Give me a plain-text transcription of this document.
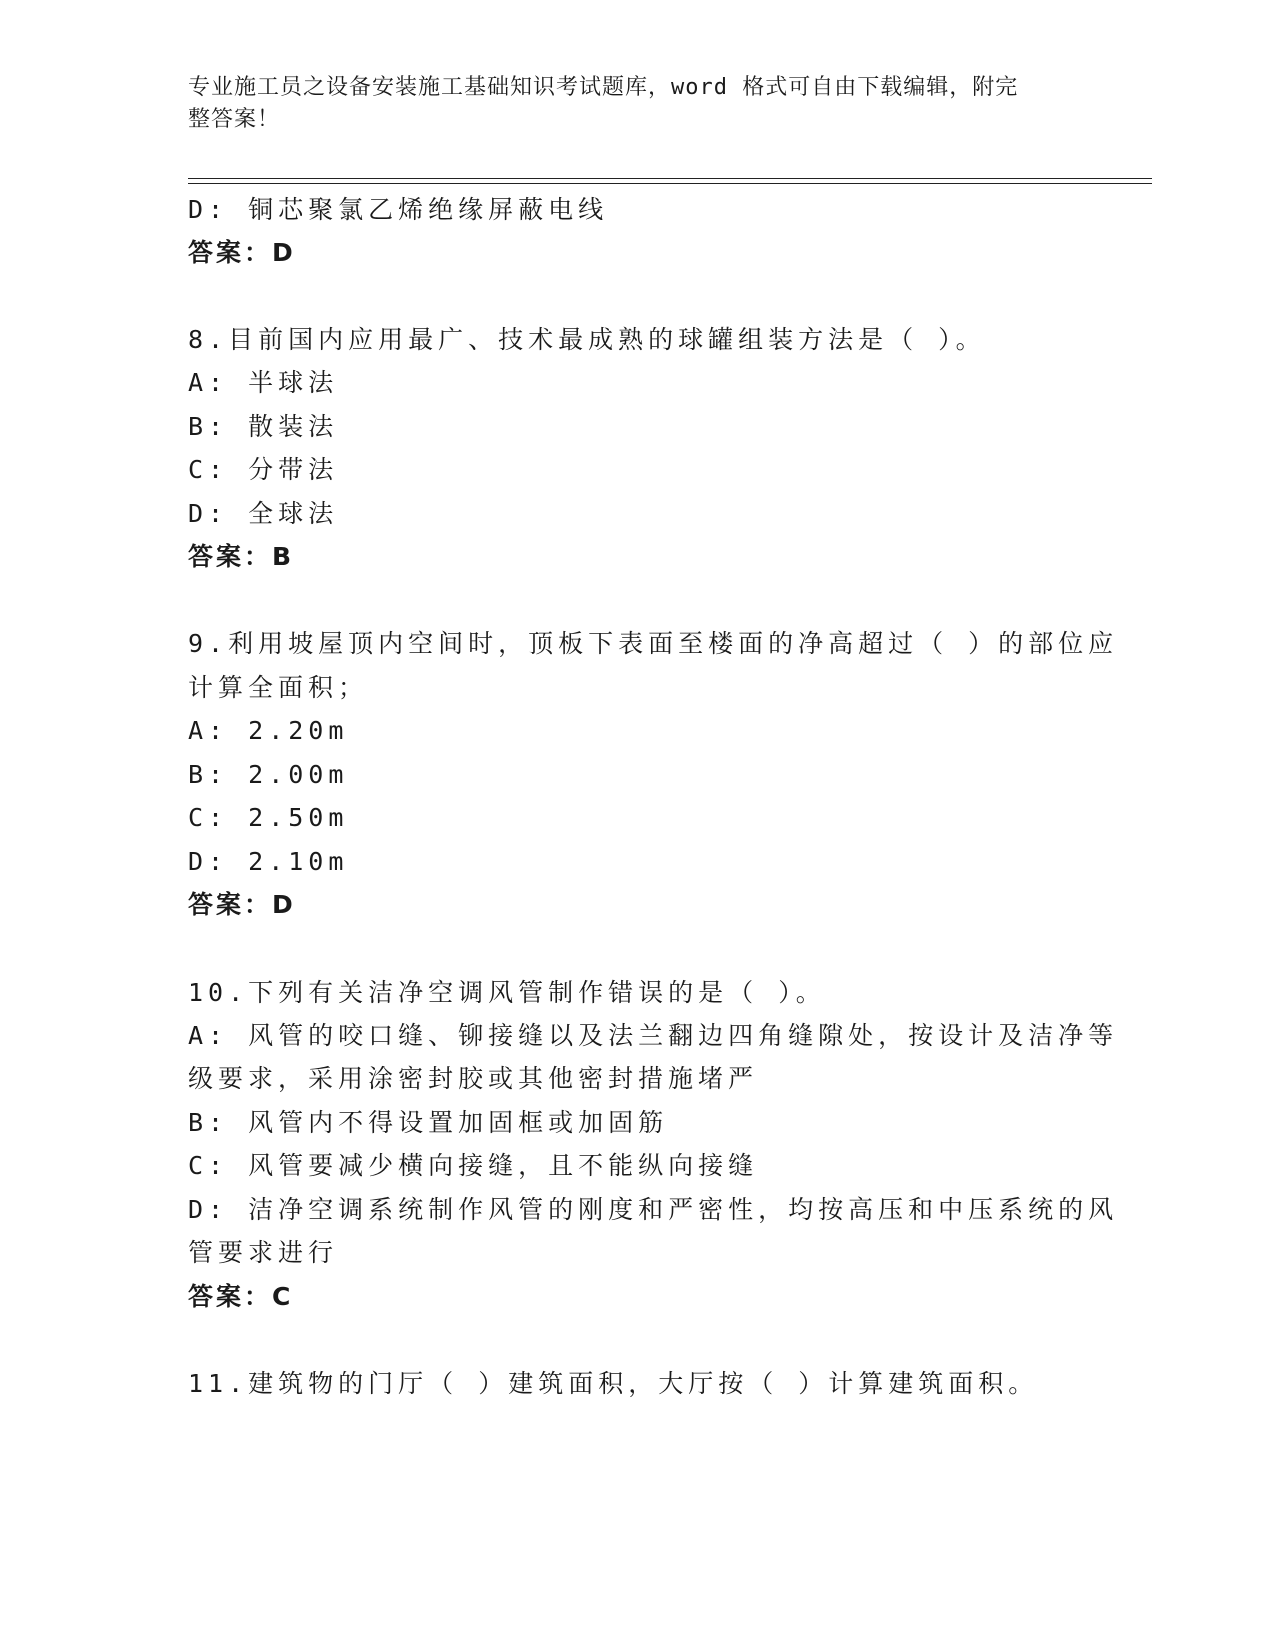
专业施工员之设备安装施工基础知识考试题库，word 格式可自由下载编辑，附完
整答案！
D: 铜芯聚氯乙烯绝缘屏蔽电线
答案：D
8.目前国内应用最广、技术最成熟的球罐组装方法是（ ）。
A: 半球法
B: 散装法
C: 分带法
D: 全球法
答案：B
9.利用坡屋顶内空间时，顶板下表面至楼面的净高超过（ ）的部位应
计算全面积；
A: 2.20m
B: 2.00m
C: 2.50m
D: 2.10m
答案：D
10.下列有关洁净空调风管制作错误的是（ ）。
A: 风管的咬口缝、铆接缝以及法兰翻边四角缝隙处，按设计及洁净等
级要求，采用涂密封胶或其他密封措施堵严
B: 风管内不得设置加固框或加固筋
C: 风管要减少横向接缝，且不能纵向接缝
D: 洁净空调系统制作风管的刚度和严密性，均按高压和中压系统的风
管要求进行
答案：C
11.建筑物的门厅（ ）建筑面积，大厅按（ ）计算建筑面积。
